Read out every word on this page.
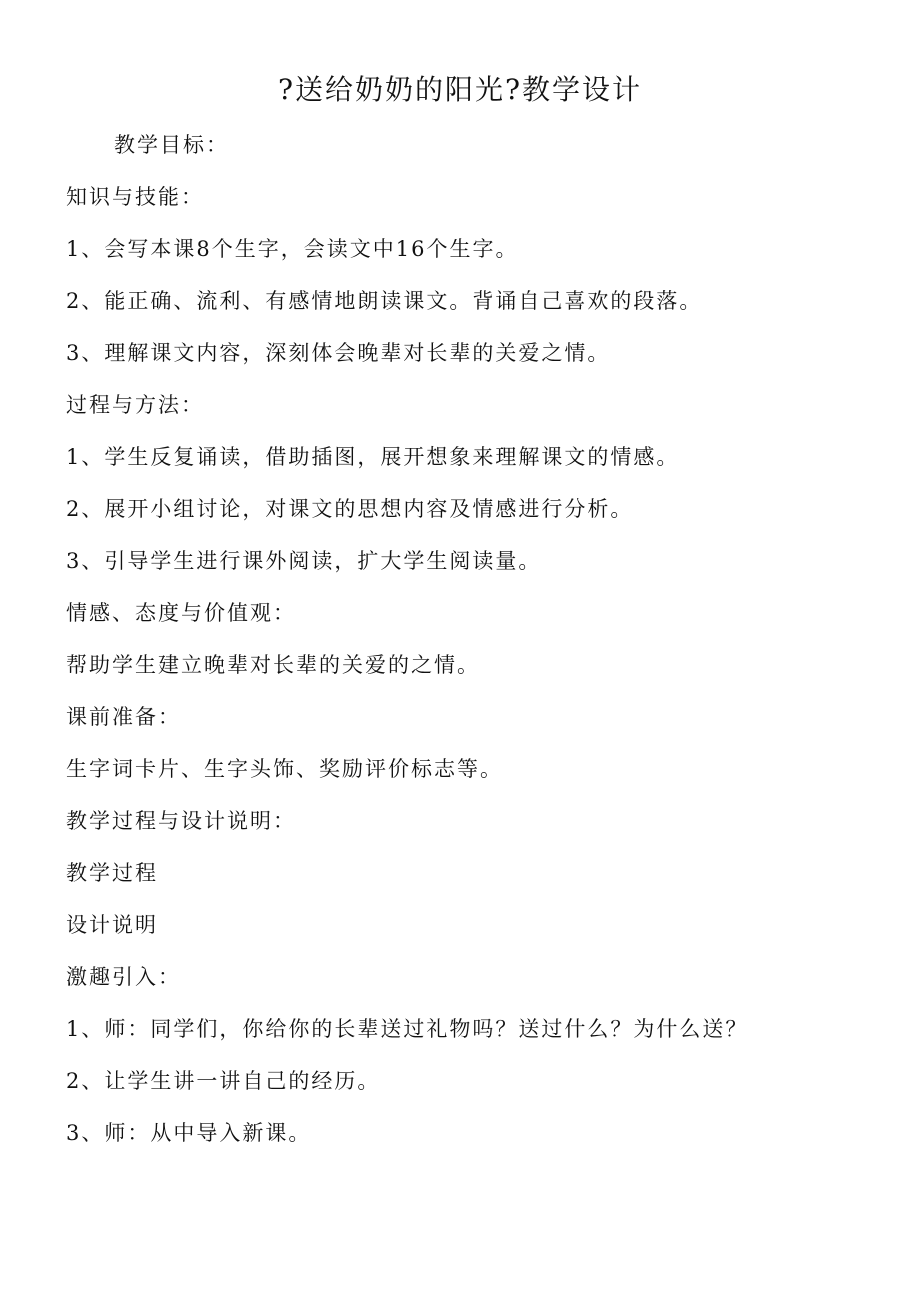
?送给奶奶的阳光?教学设计
教学目标：
知识与技能：
1、会写本课8个生字，会读文中16个生字。
2、能正确、流利、有感情地朗读课文。背诵自己喜欢的段落。
3、理解课文内容，深刻体会晚辈对长辈的关爱之情。
过程与方法：
1、学生反复诵读，借助插图，展开想象来理解课文的情感。
2、展开小组讨论，对课文的思想内容及情感进行分析。
3、引导学生进行课外阅读，扩大学生阅读量。
情感、态度与价值观：
帮助学生建立晚辈对长辈的关爱的之情。
课前准备：
生字词卡片、生字头饰、奖励评价标志等。
教学过程与设计说明：
教学过程
设计说明
激趣引入：
1、师：同学们，你给你的长辈送过礼物吗？送过什么？为什么送？
2、让学生讲一讲自己的经历。
3、师：从中导入新课。
